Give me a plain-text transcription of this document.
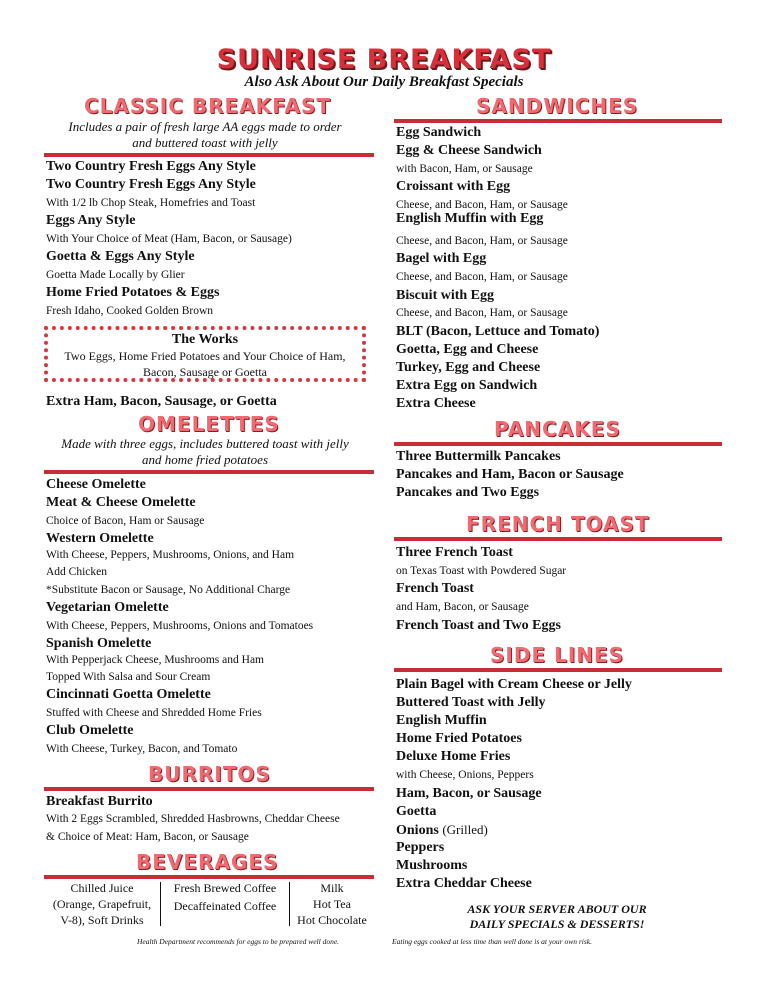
SUNRISE BREAKFAST
Also Ask About Our Daily Breakfast Specials
CLASSIC BREAKFAST
Includes a pair of fresh large AA eggs made to order
and buttered toast with jelly
Two Country Fresh Eggs Any Style
Two Country Fresh Eggs Any Style
With 1/2 lb Chop Steak, Homefries and Toast
Eggs Any Style
With Your Choice of Meat (Ham, Bacon, or Sausage)
Goetta & Eggs Any Style
Goetta Made Locally by Glier
Home Fried Potatoes & Eggs
Fresh Idaho, Cooked Golden Brown
The Works
Two Eggs, Home Fried Potatoes and Your Choice of Ham,
Bacon, Sausage or Goetta
Extra Ham, Bacon, Sausage, or Goetta
OMELETTES
Made with three eggs, includes buttered toast with jelly
and home fried potatoes
Cheese Omelette
Meat & Cheese Omelette
Choice of Bacon, Ham or Sausage
Western Omelette
With Cheese, Peppers, Mushrooms, Onions, and Ham
Add Chicken
*Substitute Bacon or Sausage, No Additional Charge
Vegetarian Omelette
With Cheese, Peppers, Mushrooms, Onions and Tomatoes
Spanish Omelette
With Pepperjack Cheese, Mushrooms and Ham
Topped With Salsa and Sour Cream
Cincinnati Goetta Omelette
Stuffed with Cheese and Shredded Home Fries
Club Omelette
With Cheese, Turkey, Bacon, and Tomato
BURRITOS
Breakfast Burrito
With 2 Eggs Scrambled, Shredded Hasbrowns, Cheddar Cheese
& Choice of Meat: Ham, Bacon, or Sausage
BEVERAGES
Chilled Juice
(Orange, Grapefruit,
V-8), Soft Drinks
Fresh Brewed Coffee
Decaffeinated Coffee
Milk
Hot Tea
Hot Chocolate
SANDWICHES
Egg Sandwich
Egg & Cheese Sandwich
with Bacon, Ham, or Sausage
Croissant with Egg
Cheese, and Bacon, Ham, or Sausage
English Muffin with Egg
Cheese, and Bacon, Ham, or Sausage
Bagel with Egg
Cheese, and Bacon, Ham, or Sausage
Biscuit with Egg
Cheese, and Bacon, Ham, or Sausage
BLT (Bacon, Lettuce and Tomato)
Goetta, Egg and Cheese
Turkey, Egg and Cheese
Extra Egg on Sandwich
Extra Cheese
PANCAKES
Three Buttermilk Pancakes
Pancakes and Ham, Bacon or Sausage
Pancakes and Two Eggs
FRENCH TOAST
Three French Toast
on Texas Toast with Powdered Sugar
French Toast
and Ham, Bacon, or Sausage
French Toast and Two Eggs
SIDE LINES
Plain Bagel with Cream Cheese or Jelly
Buttered Toast with Jelly
English Muffin
Home Fried Potatoes
Deluxe Home Fries
with Cheese, Onions, Peppers
Ham, Bacon, or Sausage
Goetta
Onions (Grilled)
Peppers
Mushrooms
Extra Cheddar Cheese
ASK YOUR SERVER ABOUT OUR
DAILY SPECIALS & DESSERTS!
Health Department recommends for eggs to be prepared well done.	Eating eggs cooked at less time than well done is at your own risk.
